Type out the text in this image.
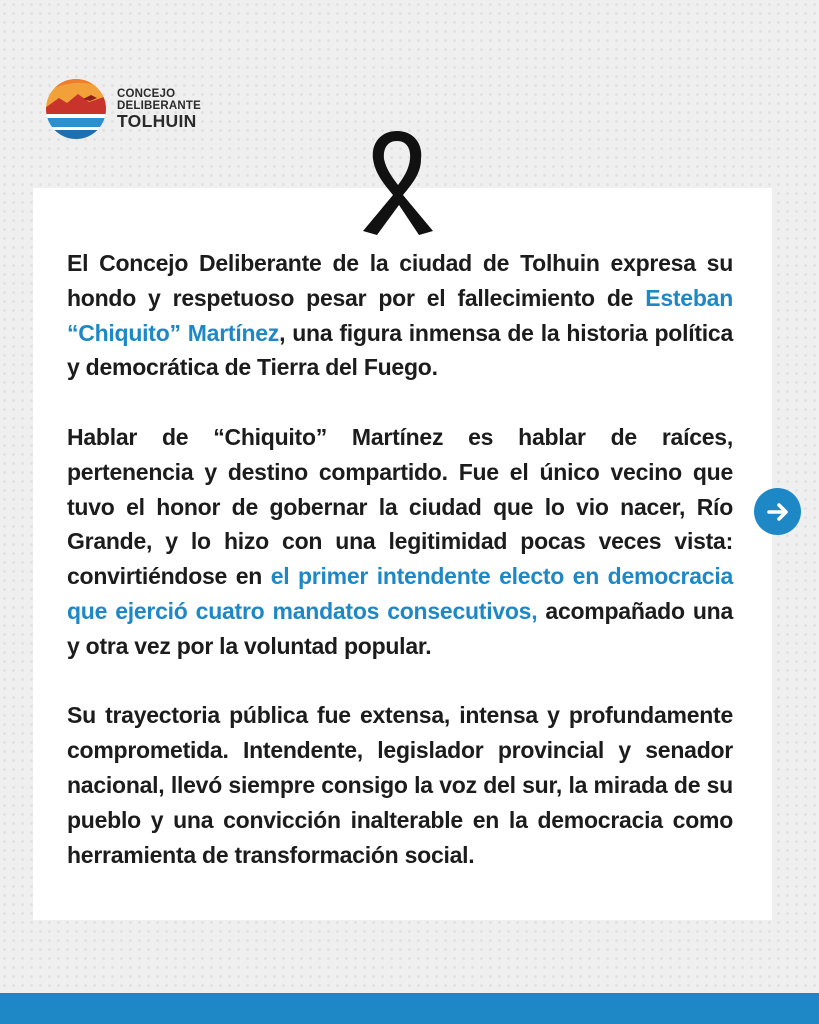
CONCEJO
DELIBERANTE
TOLHUIN

El Concejo Deliberante de la ciudad de Tolhuin expresa su hondo y respetuoso pesar por el fallecimiento de Esteban “Chiquito” Martínez, una figura inmensa de la historia política y democrática de Tierra del Fuego.

Hablar de “Chiquito” Martínez es hablar de raíces, pertenencia y destino compartido. Fue el único vecino que tuvo el honor de gobernar la ciudad que lo vio nacer, Río Grande, y lo hizo con una legitimidad pocas veces vista: convirtiéndose en el primer intendente electo en democracia que ejerció cuatro mandatos consecutivos, acompañado una y otra vez por la voluntad popular.

Su trayectoria pública fue extensa, intensa y profundamente comprometida. Intendente, legislador provincial y senador nacional, llevó siempre consigo la voz del sur, la mirada de su pueblo y una convicción inalterable en la democracia como herramienta de transformación social.
